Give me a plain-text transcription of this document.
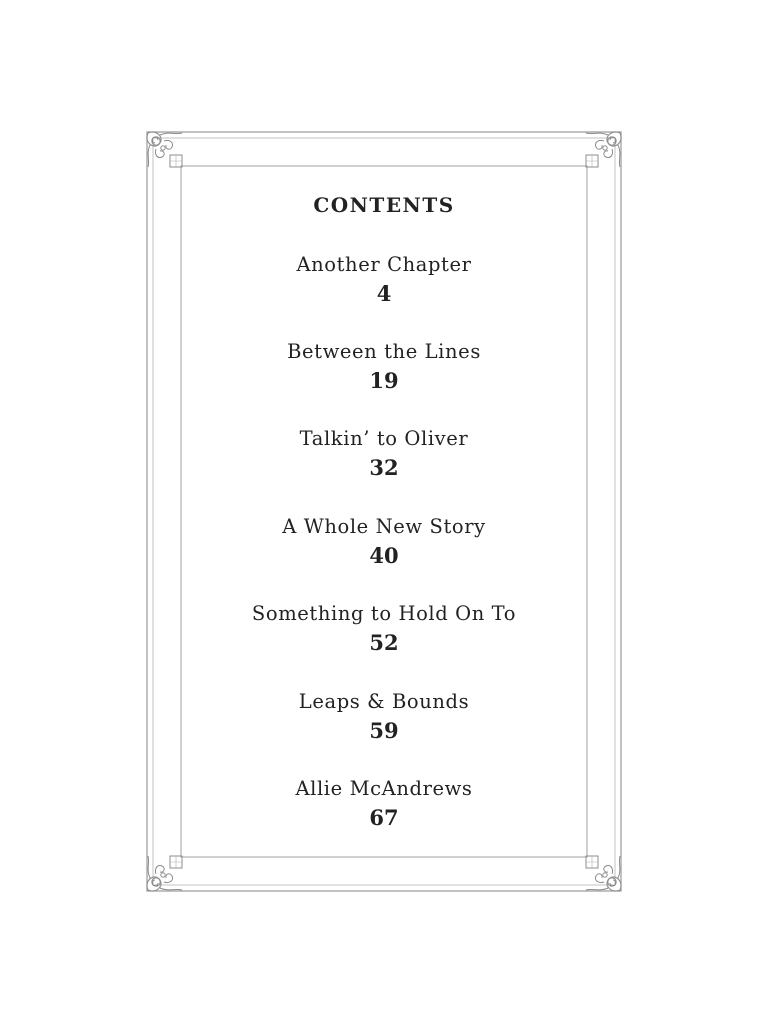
CONTENTS
Another Chapter
4
Between the Lines
19
Talkin’ to Oliver
32
A Whole New Story
40
Something to Hold On To
52
Leaps & Bounds
59
Allie McAndrews
67
